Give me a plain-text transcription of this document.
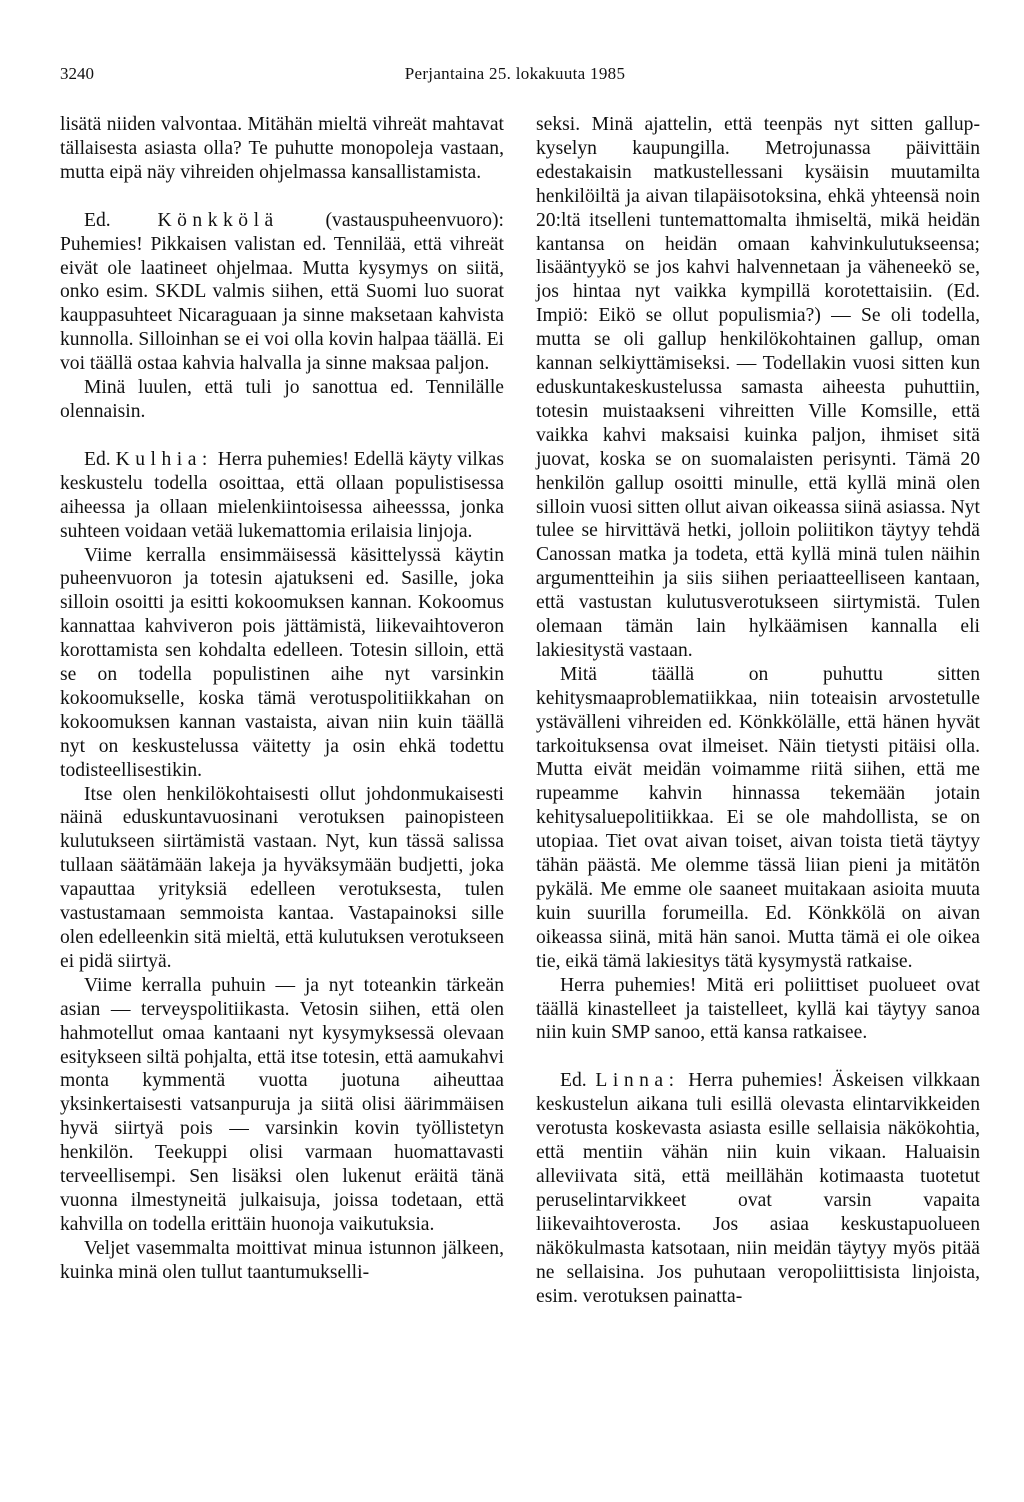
3240	Perjantaina 25. lokakuuta 1985

lisätä niiden valvontaa. Mitähän mieltä vihreät mahtavat tällaisesta asiasta olla? Te puhutte monopoleja vastaan, mutta eipä näy vihreiden ohjelmassa kansallistamista.

Ed. Könkkölä (vastauspuheenvuoro): Puhemies! Pikkaisen valistan ed. Tennilää, että vihreät eivät ole laatineet ohjelmaa. Mutta kysymys on siitä, onko esim. SKDL valmis siihen, että Suomi luo suorat kauppasuhteet Nicaraguaan ja sinne maksetaan kahvista kunnolla. Silloinhan se ei voi olla kovin halpaa täällä. Ei voi täällä ostaa kahvia halvalla ja sinne maksaa paljon.

Minä luulen, että tuli jo sanottua ed. Tennilälle olennaisin.

Ed. Kulhia: Herra puhemies! Edellä käyty vilkas keskustelu todella osoittaa, että ollaan populistisessa aiheessa ja ollaan mielenkiintoisessa aiheesssa, jonka suhteen voidaan vetää lukemattomia erilaisia linjoja.

Viime kerralla ensimmäisessä käsittelyssä käytin puheenvuoron ja totesin ajatukseni ed. Sasille, joka silloin osoitti ja esitti kokoomuksen kannan. Kokoomus kannattaa kahviveron pois jättämistä, liikevaihtoveron korottamista sen kohdalta edelleen. Totesin silloin, että se on todella populistinen aihe nyt varsinkin kokoomukselle, koska tämä verotuspolitiikkahan on kokoomuksen kannan vastaista, aivan niin kuin täällä nyt on keskustelussa väitetty ja osin ehkä todettu todisteellisestikin.

Itse olen henkilökohtaisesti ollut johdonmukaisesti näinä eduskuntavuosinani verotuksen painopisteen kulutukseen siirtämistä vastaan. Nyt, kun tässä salissa tullaan säätämään lakeja ja hyväksymään budjetti, joka vapauttaa yrityksiä edelleen verotuksesta, tulen vastustamaan semmoista kantaa. Vastapainoksi sille olen edelleenkin sitä mieltä, että kulutuksen verotukseen ei pidä siirtyä.

Viime kerralla puhuin — ja nyt toteankin tärkeän asian — terveyspolitiikasta. Vetosin siihen, että olen hahmotellut omaa kantaani nyt kysymyksessä olevaan esitykseen siltä pohjalta, että itse totesin, että aamukahvi monta kymmentä vuotta juotuna aiheuttaa yksinkertaisesti vatsanpuruja ja siitä olisi äärimmäisen hyvä siirtyä pois — varsinkin kovin työllistetyn henkilön. Teekuppi olisi varmaan huomattavasti terveellisempi. Sen lisäksi olen lukenut eräitä tänä vuonna ilmestyneitä julkaisuja, joissa todetaan, että kahvilla on todella erittäin huonoja vaikutuksia.

Veljet vasemmalta moittivat minua istunnon jälkeen, kuinka minä olen tullut taantumukselli-

seksi. Minä ajattelin, että teenpäs nyt sitten gallup-kyselyn kaupungilla. Metrojunassa päivittäin edestakaisin matkustellessani kysäisin muutamilta henkilöiltä ja aivan tilapäisotoksina, ehkä yhteensä noin 20:ltä itselleni tuntemattomalta ihmiseltä, mikä heidän kantansa on heidän omaan kahvinkulutukseensa; lisääntyykö se jos kahvi halvennetaan ja väheneekö se, jos hintaa nyt vaikka kympillä korotettaisiin. (Ed. Impiö: Eikö se ollut populismia?) — Se oli todella, mutta se oli gallup henkilökohtainen gallup, oman kannan selkiyttämiseksi. — Todellakin vuosi sitten kun eduskuntakeskustelussa samasta aiheesta puhuttiin, totesin muistaakseni vihreitten Ville Komsille, että vaikka kahvi maksaisi kuinka paljon, ihmiset sitä juovat, koska se on suomalaisten perisynti. Tämä 20 henkilön gallup osoitti minulle, että kyllä minä olen silloin vuosi sitten ollut aivan oikeassa siinä asiassa. Nyt tulee se hirvittävä hetki, jolloin poliitikon täytyy tehdä Canossan matka ja todeta, että kyllä minä tulen näihin argumentteihin ja siis siihen periaatteelliseen kantaan, että vastustan kulutusverotukseen siirtymistä. Tulen olemaan tämän lain hylkäämisen kannalla eli lakiesitystä vastaan.

Mitä täällä on puhuttu sitten kehitysmaaproblematiikkaa, niin toteaisin arvostetulle ystävälleni vihreiden ed. Könkkölälle, että hänen hyvät tarkoituksensa ovat ilmeiset. Näin tietysti pitäisi olla. Mutta eivät meidän voimamme riitä siihen, että me rupeamme kahvin hinnassa tekemään jotain kehitysaluepolitiikkaa. Ei se ole mahdollista, se on utopiaa. Tiet ovat aivan toiset, aivan toista tietä täytyy tähän päästä. Me olemme tässä liian pieni ja mitätön pykälä. Me emme ole saaneet muitakaan asioita muuta kuin suurilla forumeilla. Ed. Könkkölä on aivan oikeassa siinä, mitä hän sanoi. Mutta tämä ei ole oikea tie, eikä tämä lakiesitys tätä kysymystä ratkaise.

Herra puhemies! Mitä eri poliittiset puolueet ovat täällä kinastelleet ja taistelleet, kyllä kai täytyy sanoa niin kuin SMP sanoo, että kansa ratkaisee.

Ed. Linna: Herra puhemies! Äskeisen vilkkaan keskustelun aikana tuli esillä olevasta elintarvikkeiden verotusta koskevasta asiasta esille sellaisia näkökohtia, että mentiin vähän niin kuin vikaan. Haluaisin alleviivata sitä, että meillähän kotimaasta tuotetut peruselintarvikkeet ovat varsin vapaita liikevaihtoverosta. Jos asiaa keskustapuolueen näkökulmasta katsotaan, niin meidän täytyy myös pitää ne sellaisina. Jos puhutaan veropoliittisista linjoista, esim. verotuksen painatta-
